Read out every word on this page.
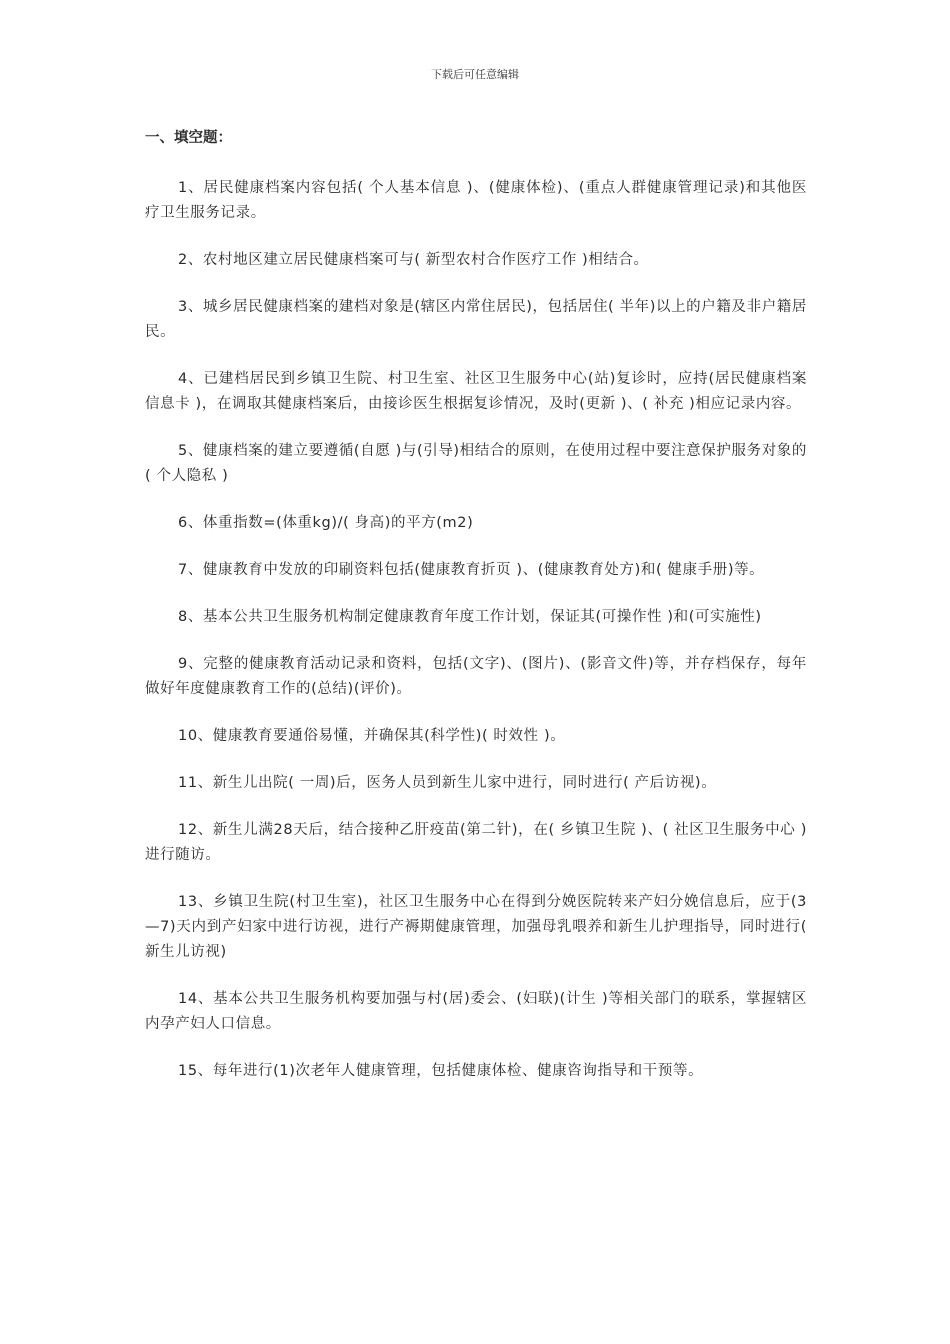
下载后可任意编辑
一、填空题：

1、居民健康档案内容包括( 个人基本信息 )、(健康体检)、(重点人群健康管理记录)和其他医疗卫生服务记录。

2、农村地区建立居民健康档案可与( 新型农村合作医疗工作 )相结合。

3、城乡居民健康档案的建档对象是(辖区内常住居民)，包括居住( 半年)以上的户籍及非户籍居民。

4、已建档居民到乡镇卫生院、村卫生室、社区卫生服务中心(站)复诊时，应持(居民健康档案信息卡 )，在调取其健康档案后，由接诊医生根据复诊情况，及时(更新 )、( 补充 )相应记录内容。

5、健康档案的建立要遵循(自愿 )与(引导)相结合的原则，在使用过程中要注意保护服务对象的( 个人隐私 )

6、体重指数=(体重kg)/( 身高)的平方(m2)

7、健康教育中发放的印刷资料包括(健康教育折页 )、(健康教育处方)和( 健康手册)等。

8、基本公共卫生服务机构制定健康教育年度工作计划，保证其(可操作性 )和(可实施性)

9、完整的健康教育活动记录和资料，包括(文字)、(图片)、(影音文件)等，并存档保存，每年做好年度健康教育工作的(总结)(评价)。

10、健康教育要通俗易懂，并确保其(科学性)( 时效性 )。

11、新生儿出院( 一周)后，医务人员到新生儿家中进行，同时进行( 产后访视)。

12、新生儿满28天后，结合接种乙肝疫苗(第二针)，在( 乡镇卫生院 )、( 社区卫生服务中心 )进行随访。

13、乡镇卫生院(村卫生室)，社区卫生服务中心在得到分娩医院转来产妇分娩信息后，应于(3—7)天内到产妇家中进行访视，进行产褥期健康管理，加强母乳喂养和新生儿护理指导，同时进行( 新生儿访视)

14、基本公共卫生服务机构要加强与村(居)委会、(妇联)(计生 )等相关部门的联系，掌握辖区内孕产妇人口信息。

15、每年进行(1)次老年人健康管理，包括健康体检、健康咨询指导和干预等。
